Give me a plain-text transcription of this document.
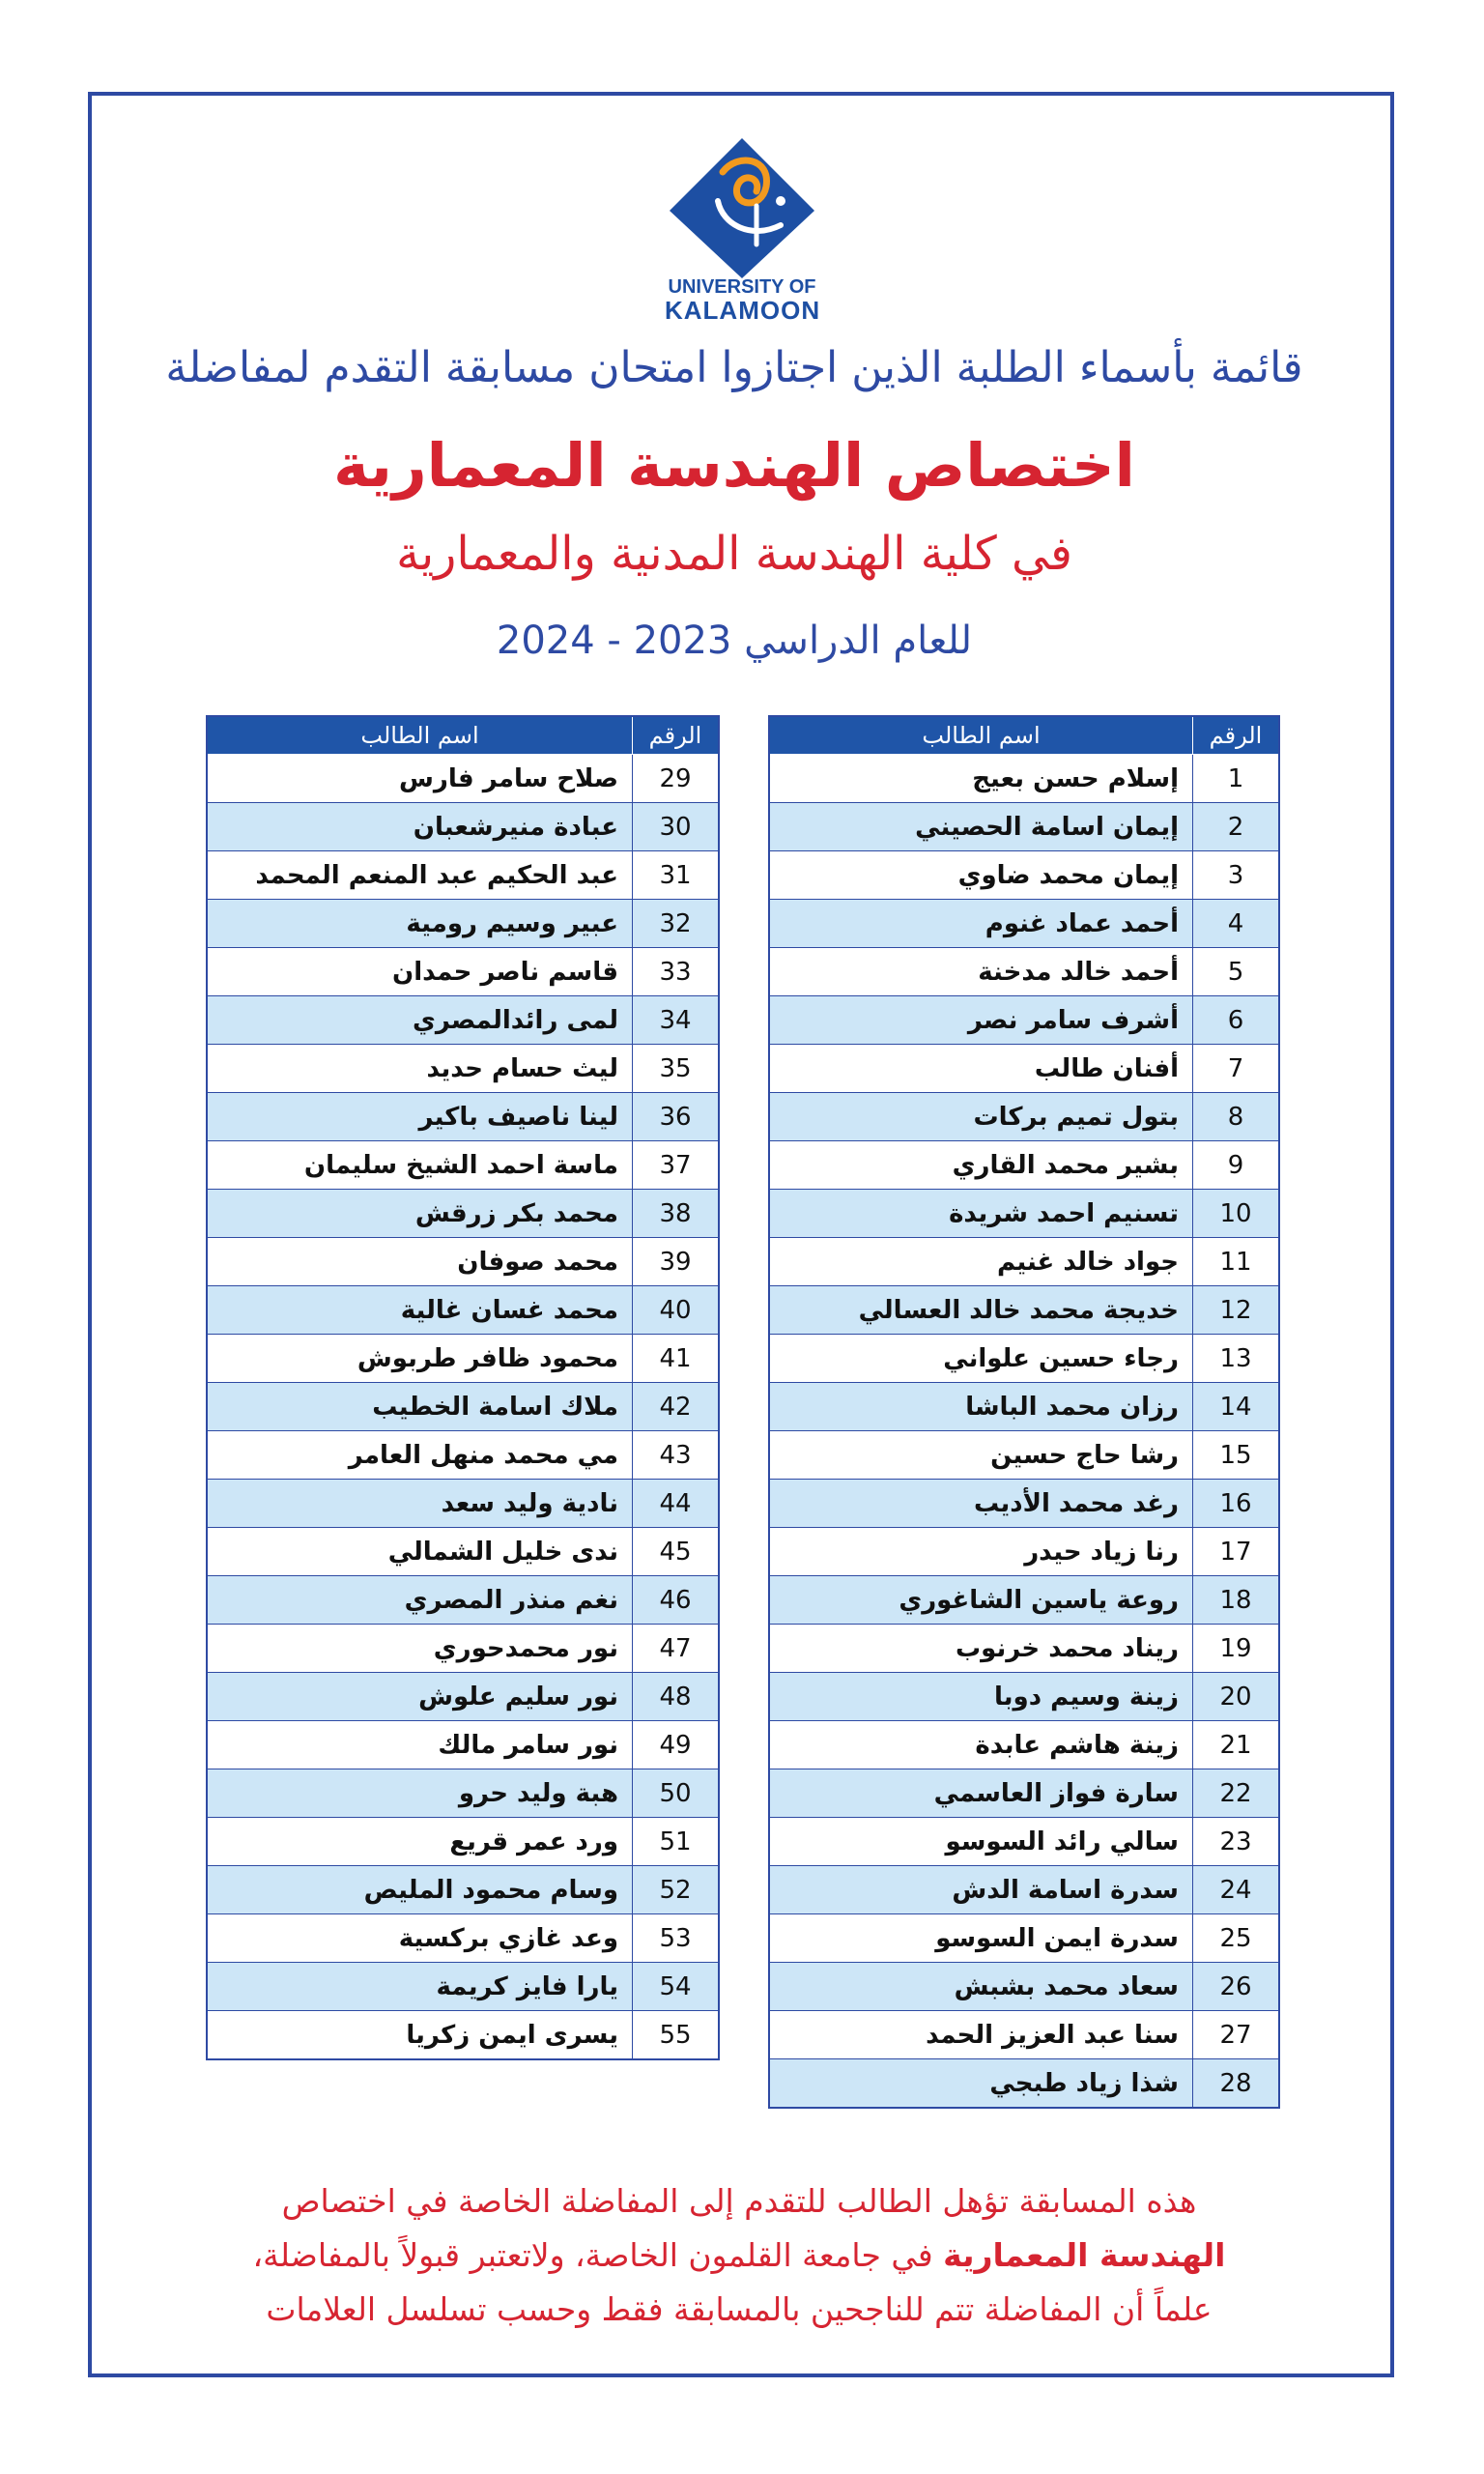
UNIVERSITY OF
KALAMOON
قائمة بأسماء الطلبة الذين اجتازوا امتحان مسابقة التقدم لمفاضلة
اختصاص الهندسة المعمارية
في كلية الهندسة المدنية والمعمارية
للعام الدراسي 2023 - 2024
الرقم	اسم الطالب
1	إسلام حسن بعيج
2	إيمان اسامة الحصيني
3	إيمان محمد ضاوي
4	أحمد عماد غنوم
5	أحمد خالد مدخنة
6	أشرف سامر نصر
7	أفنان طالب
8	بتول تميم بركات
9	بشير محمد القاري
10	تسنيم احمد شريدة
11	جواد خالد غنيم
12	خديجة محمد خالد العسالي
13	رجاء حسين علواني
14	رزان محمد الباشا
15	رشا حاج حسين
16	رغد محمد الأديب
17	رنا زياد حيدر
18	روعة ياسين الشاغوري
19	ريناد محمد خرنوب
20	زينة وسيم دوبا
21	زينة هاشم عابدة
22	سارة فواز العاسمي
23	سالي رائد السوسو
24	سدرة اسامة الدش
25	سدرة ايمن السوسو
26	سعاد محمد بشبش
27	سنا عبد العزيز الحمد
28	شذا زياد طبجي
الرقم	اسم الطالب
29	صلاح سامر فارس
30	عبادة منيرشعبان
31	عبد الحكيم عبد المنعم المحمد
32	عبير وسيم رومية
33	قاسم ناصر حمدان
34	لمى رائدالمصري
35	ليث حسام حديد
36	لينا ناصيف باكير
37	ماسة احمد الشيخ سليمان
38	محمد بكر زرقش
39	محمد صوفان
40	محمد غسان غالية
41	محمود ظافر طربوش
42	ملاك اسامة الخطيب
43	مي محمد منهل العامر
44	نادية وليد سعد
45	ندى خليل الشمالي
46	نغم منذر المصري
47	نور محمدحوري
48	نور سليم علوش
49	نور سامر مالك
50	هبة وليد حرو
51	ورد عمر قريع
52	وسام محمود المليص
53	وعد غازي بركسية
54	يارا فايز كريمة
55	يسرى ايمن زكريا
هذه المسابقة تؤهل الطالب للتقدم إلى المفاضلة الخاصة في اختصاص
الهندسة المعمارية في جامعة القلمون الخاصة، ولاتعتبر قبولاً بالمفاضلة،
علماً أن المفاضلة تتم للناجحين بالمسابقة فقط وحسب تسلسل العلامات
